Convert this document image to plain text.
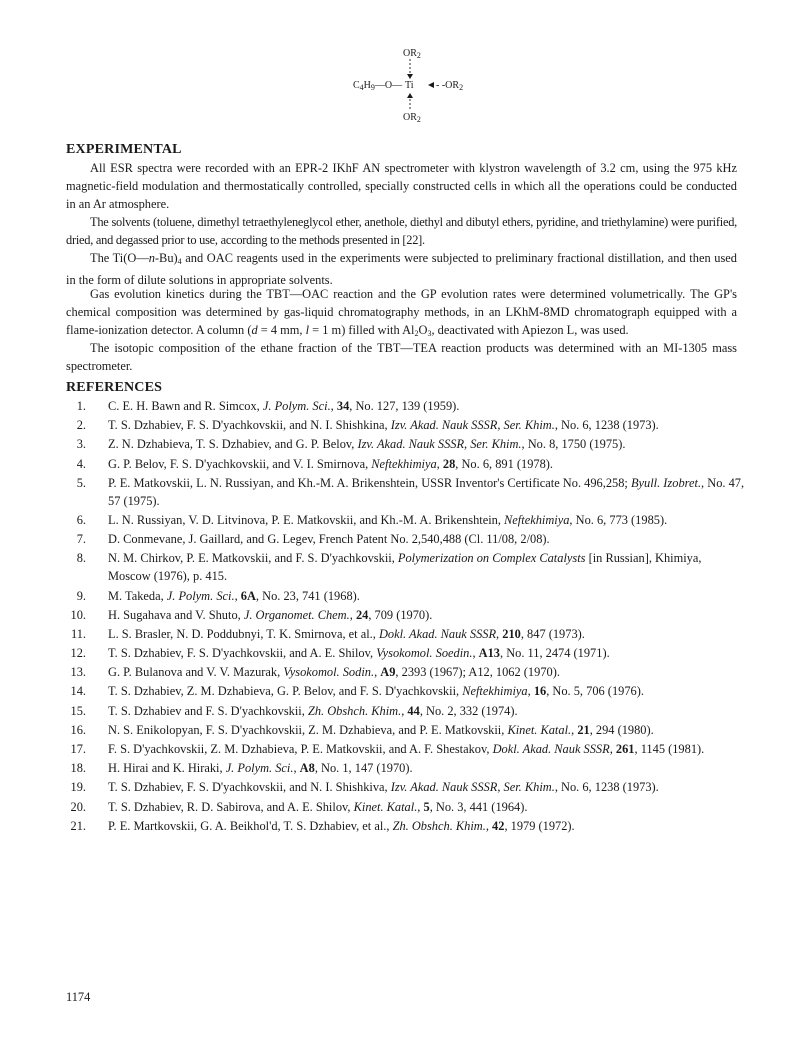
$OR_2$
$C_4H_9—O—$ Ti - $-OR_2$
$OR_2$
EXPERIMENTAL

All ESR spectra were recorded with an EPR-2 IKhF AN spectrometer with klystron wavelength of 3.2 cm, using the 975 kHz magnetic-field modulation and thermostatically controlled, specially constructed cells in which all the operations could be conducted in an Ar atmosphere.

The solvents (toluene, dimethyl tetraethyleneglycol ether, anethole, diethyl and dibutyl ethers, pyridine, and triethylamine) were purified, dried, and degassed prior to use, according to the methods presented in [22].

The $Ti(O—n-Bu)_4$ and OAC reagents used in the experiments were subjected to preliminary fractional distillation, and then used in the form of dilute solutions in appropriate solvents.

Gas evolution kinetics during the TBT—OAC reaction and the GP evolution rates were determined volumetrically. The GP's chemical composition was determined by gas-liquid chromatography methods, in an LKhM-8MD chromatograph equipped with a flame-ionization detector. A column (d = 4 mm, l = 1 m) filled with $Al_2O_3$, deactivated with Apiezon L, was used.

The isotopic composition of the ethane fraction of the TBT—TEA reaction products was determined with an MI-1305 mass spectrometer.

REFERENCES
1.	C. E. H. Bawn and R. Simcox, J. Polym. Sci., 34, No. 127, 139 (1959).
2.	T. S. Dzhabiev, F. S. D'yachkovskii, and N. I. Shishkina, Izv. Akad. Nauk SSSR, Ser. Khim., No. 6, 1238 (1973).
3.	Z. N. Dzhabieva, T. S. Dzhabiev, and G. P. Belov, Izv. Akad. Nauk SSSR, Ser. Khim., No. 8, 1750 (1975).
4.	G. P. Belov, F. S. D'yachkovskii, and V. I. Smirnova, Neftekhimiya, 28, No. 6, 891 (1978).
5.	P. E. Matkovskii, L. N. Russiyan, and Kh.-M. A. Brikenshtein, USSR Inventor's Certificate No. 496,258; Byull. Izobret., No. 47, 57 (1975).
6.	L. N. Russiyan, V. D. Litvinova, P. E. Matkovskii, and Kh.-M. A. Brikenshtein, Neftekhimiya, No. 6, 773 (1985).
7.	D. Conmevane, J. Gaillard, and G. Legev, French Patent No. 2,540,488 (Cl. 11/08, 2/08).
8.	N. M. Chirkov, P. E. Matkovskii, and F. S. D'yachkovskii, Polymerization on Complex Catalysts [in Russian], Khimiya, Moscow (1976), p. 415.
9.	M. Takeda, J. Polym. Sci., 6A, No. 23, 741 (1968).
10.	H. Sugahava and V. Shuto, J. Organomet. Chem., 24, 709 (1970).
11.	L. S. Brasler, N. D. Poddubnyi, T. K. Smirnova, et al., Dokl. Akad. Nauk SSSR, 210, 847 (1973).
12.	T. S. Dzhabiev, F. S. D'yachkovskii, and A. E. Shilov, Vysokomol. Soedin., A13, No. 11, 2474 (1971).
13.	G. P. Bulanova and V. V. Mazurak, Vysokomol. Sodin., A9, 2393 (1967); A12, 1062 (1970).
14.	T. S. Dzhabiev, Z. M. Dzhabieva, G. P. Belov, and F. S. D'yachkovskii, Neftekhimiya, 16, No. 5, 706 (1976).
15.	T. S. Dzhabiev and F. S. D'yachkovskii, Zh. Obshch. Khim., 44, No. 2, 332 (1974).
16.	N. S. Enikolopyan, F. S. D'yachkovskii, Z. M. Dzhabieva, and P. E. Matkovskii, Kinet. Katal., 21, 294 (1980).
17.	F. S. D'yachkovskii, Z. M. Dzhabieva, P. E. Matkovskii, and A. F. Shestakov, Dokl. Akad. Nauk SSSR, 261, 1145 (1981).
18.	H. Hirai and K. Hiraki, J. Polym. Sci., A8, No. 1, 147 (1970).
19.	T. S. Dzhabiev, F. S. D'yachkovskii, and N. I. Shishkiva, Izv. Akad. Nauk SSSR, Ser. Khim., No. 6, 1238 (1973).
20.	T. S. Dzhabiev, R. D. Sabirova, and A. E. Shilov, Kinet. Katal., 5, No. 3, 441 (1964).
21.	P. E. Martkovskii, G. A. Beikhol'd, T. S. Dzhabiev, et al., Zh. Obshch. Khim., 42, 1979 (1972).
1174
